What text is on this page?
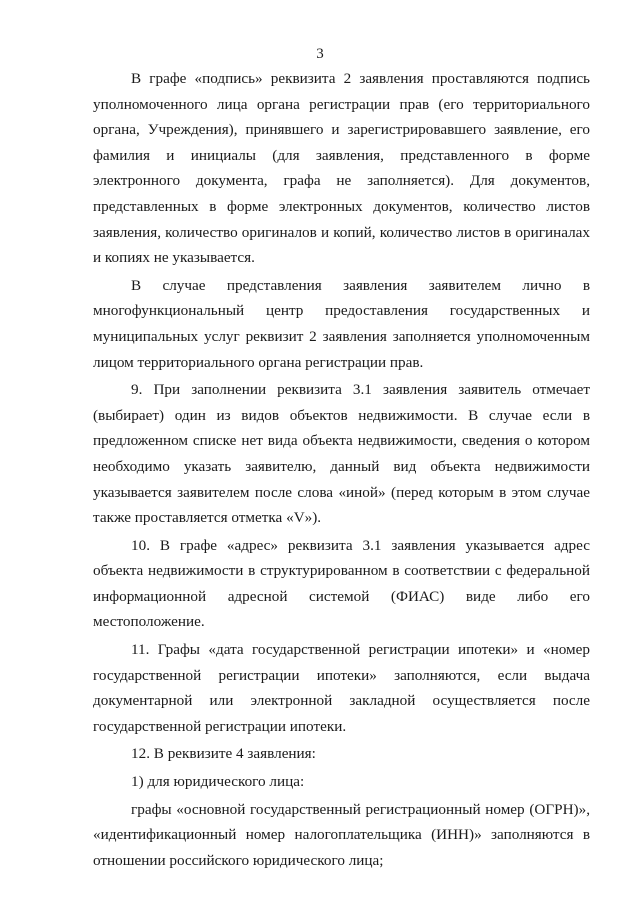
3

В графе «подпись» реквизита 2 заявления проставляются подпись уполномоченного лица органа регистрации прав (его территориального органа, Учреждения), принявшего и зарегистрировавшего заявление, его фамилия и инициалы (для заявления, представленного в форме электронного документа, графа не заполняется). Для документов, представленных в форме электронных документов, количество листов заявления, количество оригиналов и копий, количество листов в оригиналах и копиях не указывается.

В случае представления заявления заявителем лично в многофункциональный центр предоставления государственных и муниципальных услуг реквизит 2 заявления заполняется уполномоченным лицом территориального органа регистрации прав.

9. При заполнении реквизита 3.1 заявления заявитель отмечает (выбирает) один из видов объектов недвижимости. В случае если в предложенном списке нет вида объекта недвижимости, сведения о котором необходимо указать заявителю, данный вид объекта недвижимости указывается заявителем после слова «иной» (перед которым в этом случае также проставляется отметка «V»).

10. В графе «адрес» реквизита 3.1 заявления указывается адрес объекта недвижимости в структурированном в соответствии с федеральной информационной адресной системой (ФИАС) виде либо его местоположение.

11. Графы «дата государственной регистрации ипотеки» и «номер государственной регистрации ипотеки» заполняются, если выдача документарной или электронной закладной осуществляется после государственной регистрации ипотеки.

12. В реквизите 4 заявления:

1) для юридического лица:

графы «основной государственный регистрационный номер (ОГРН)», «идентификационный номер налогоплательщика (ИНН)» заполняются в отношении российского юридического лица;
